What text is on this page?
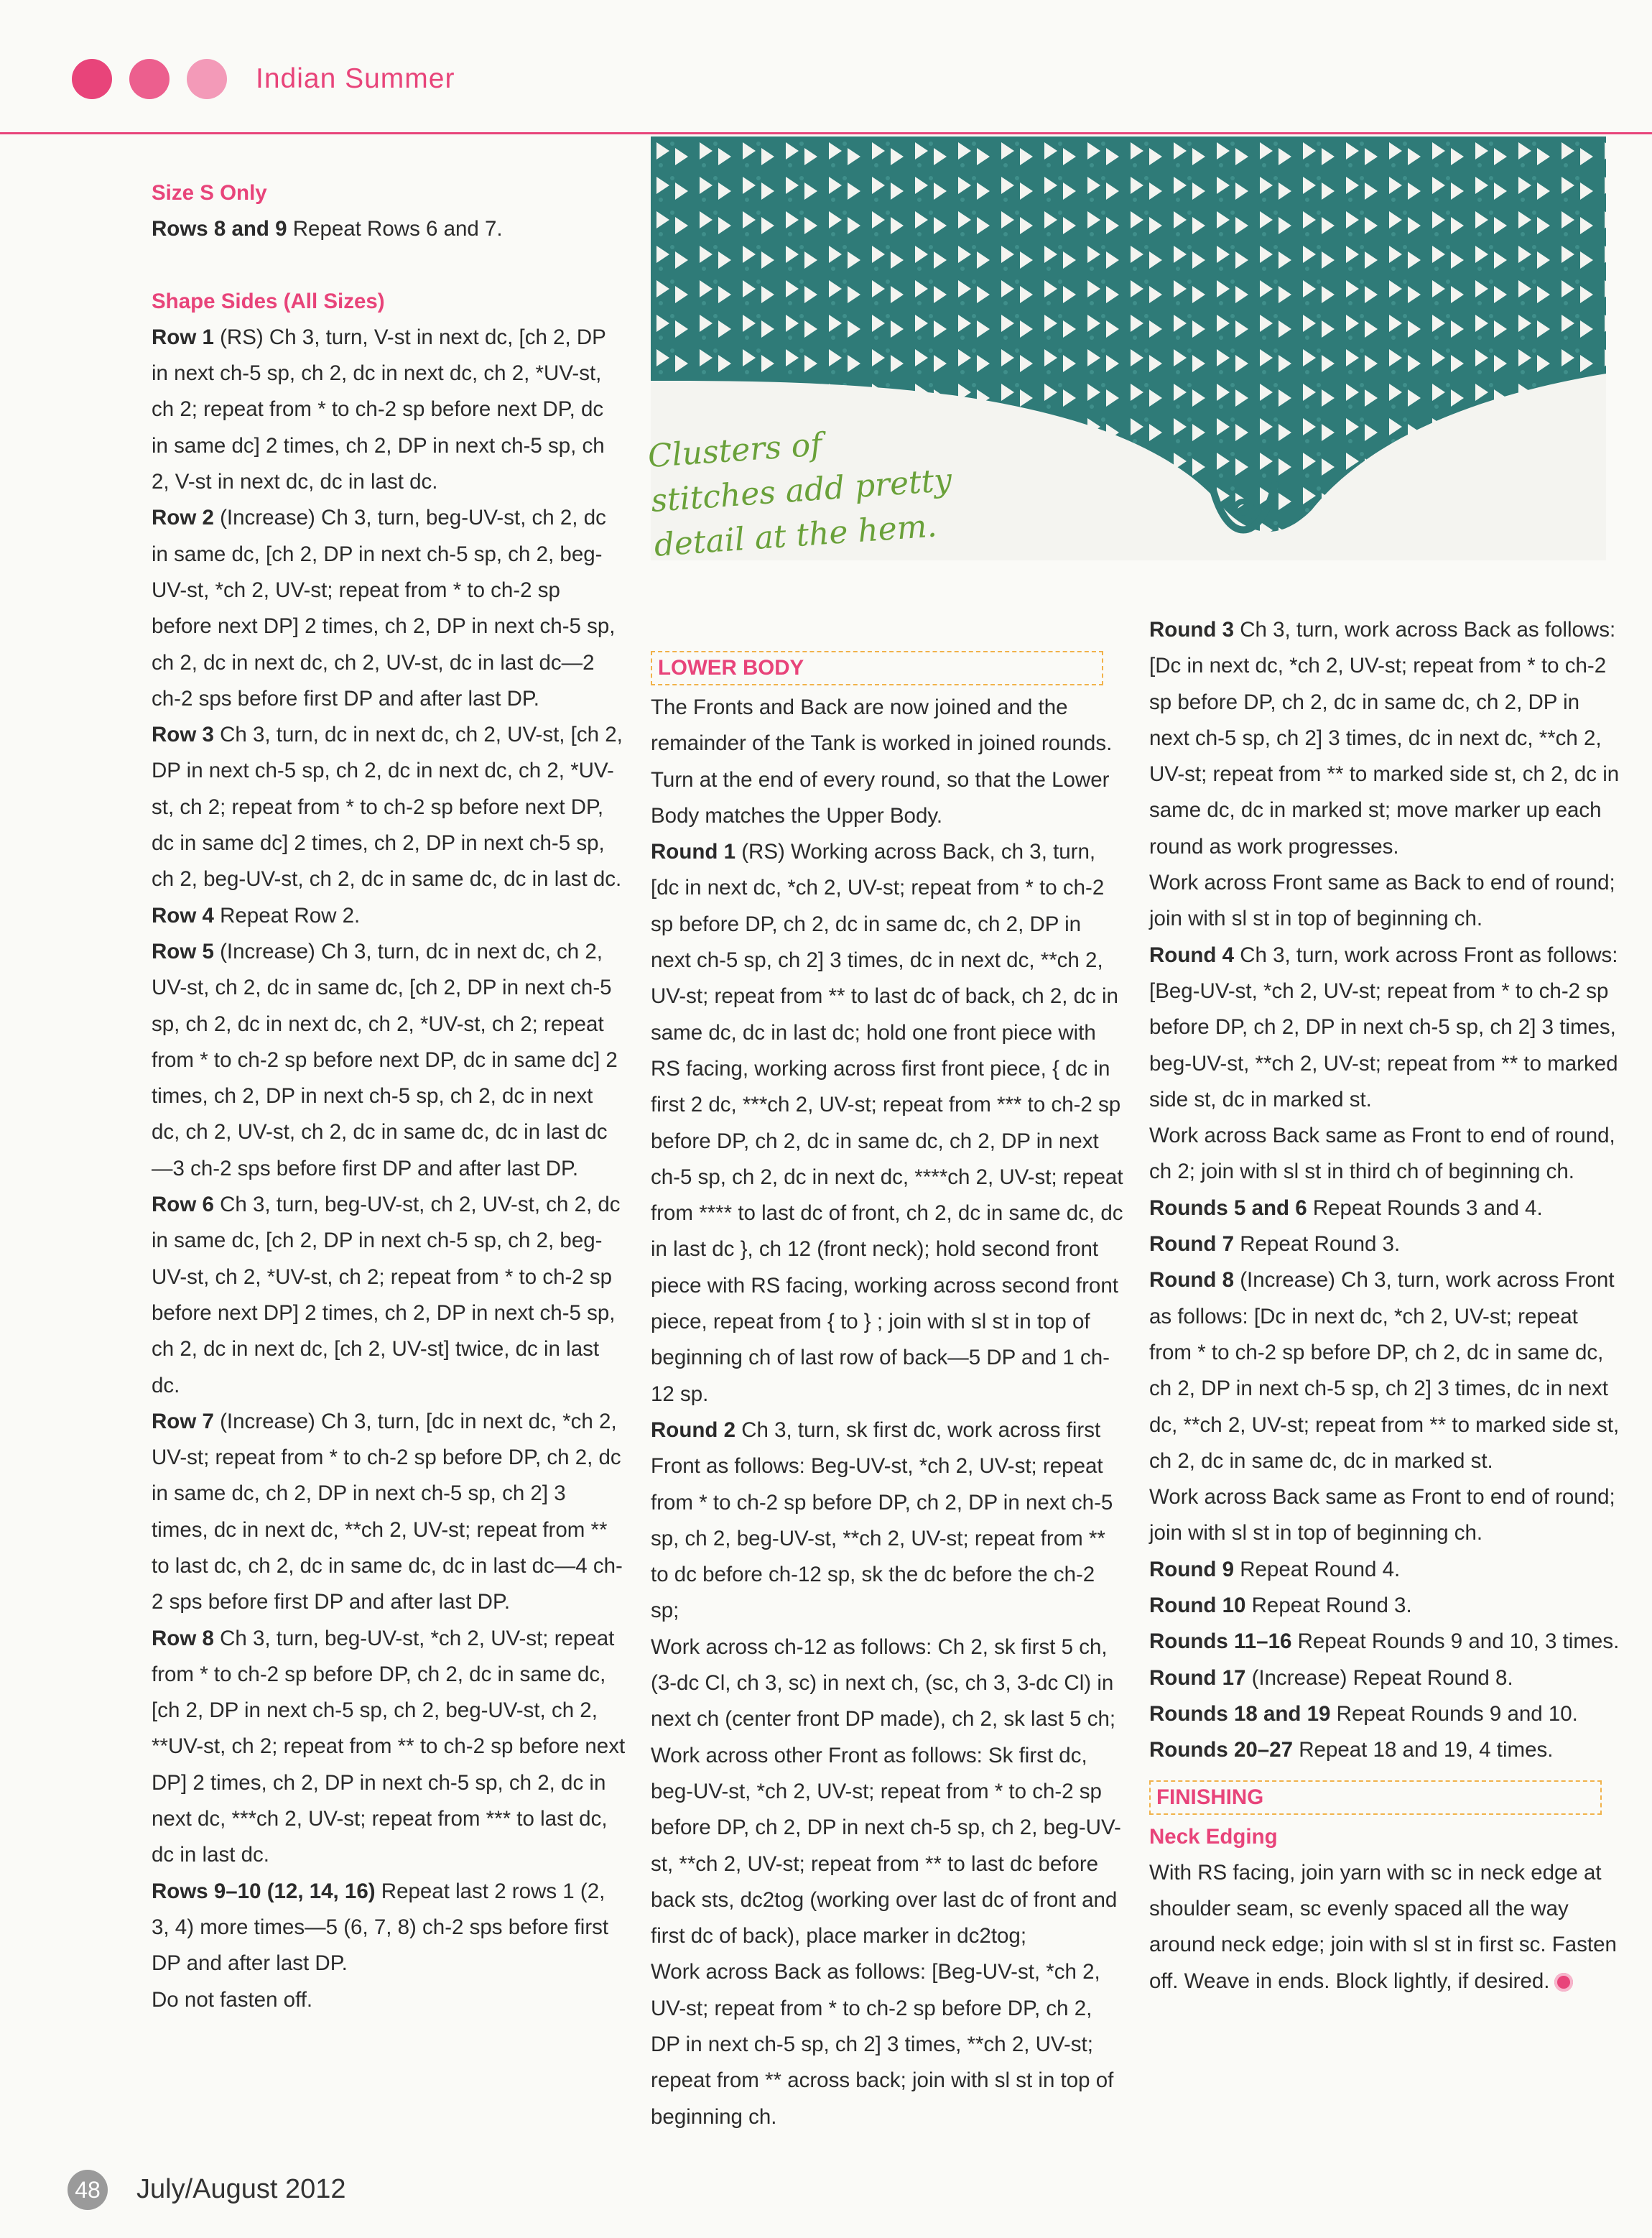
Indian Summer
Clusters of stitches add pretty detail at the hem.

Size S Only

Rows 8 and 9 Repeat Rows 6 and 7.

Shape Sides (All Sizes)

Row 1 (RS) Ch 3, turn, V-st in next dc, [ch 2, DP in next ch-5 sp, ch 2, dc in next dc, ch 2, *UV-st, ch 2; repeat from * to ch-2 sp before next DP, dc in same dc] 2 times, ch 2, DP in next ch-5 sp, ch 2, V-st in next dc, dc in last dc.

Row 2 (Increase) Ch 3, turn, beg-UV-st, ch 2, dc in same dc, [ch 2, DP in next ch-5 sp, ch 2, beg-UV-st, *ch 2, UV-st; repeat from * to ch-2 sp before next DP] 2 times, ch 2, DP in next ch-5 sp, ch 2, dc in next dc, ch 2, UV-st, dc in last dc—2 ch-2 sps before first DP and after last DP.

Row 3 Ch 3, turn, dc in next dc, ch 2, UV-st, [ch 2, DP in next ch-5 sp, ch 2, dc in next dc, ch 2, *UV-st, ch 2; repeat from * to ch-2 sp before next DP, dc in same dc] 2 times, ch 2, DP in next ch-5 sp, ch 2, beg-UV-st, ch 2, dc in same dc, dc in last dc.

Row 4 Repeat Row 2.

Row 5 (Increase) Ch 3, turn, dc in next dc, ch 2, UV-st, ch 2, dc in same dc, [ch 2, DP in next ch-5 sp, ch 2, dc in next dc, ch 2, *UV-st, ch 2; repeat from * to ch-2 sp before next DP, dc in same dc] 2 times, ch 2, DP in next ch-5 sp, ch 2, dc in next dc, ch 2, UV-st, ch 2, dc in same dc, dc in last dc—3 ch-2 sps before first DP and after last DP.

Row 6 Ch 3, turn, beg-UV-st, ch 2, UV-st, ch 2, dc in same dc, [ch 2, DP in next ch-5 sp, ch 2, beg-UV-st, ch 2, *UV-st, ch 2; repeat from * to ch-2 sp before next DP] 2 times, ch 2, DP in next ch-5 sp, ch 2, dc in next dc, [ch 2, UV-st] twice, dc in last dc.

Row 7 (Increase) Ch 3, turn, [dc in next dc, *ch 2, UV-st; repeat from * to ch-2 sp before DP, ch 2, dc in same dc, ch 2, DP in next ch-5 sp, ch 2] 3 times, dc in next dc, **ch 2, UV-st; repeat from ** to last dc, ch 2, dc in same dc, dc in last dc—4 ch-2 sps before first DP and after last DP.

Row 8 Ch 3, turn, beg-UV-st, *ch 2, UV-st; repeat from * to ch-2 sp before DP, ch 2, dc in same dc, [ch 2, DP in next ch-5 sp, ch 2, beg-UV-st, ch 2, **UV-st, ch 2; repeat from ** to ch-2 sp before next DP] 2 times, ch 2, DP in next ch-5 sp, ch 2, dc in next dc, ***ch 2, UV-st; repeat from *** to last dc, dc in last dc.

Rows 9–10 (12, 14, 16) Repeat last 2 rows 1 (2, 3, 4) more times—5 (6, 7, 8) ch-2 sps before first DP and after last DP.

Do not fasten off.

LOWER BODY

The Fronts and Back are now joined and the remainder of the Tank is worked in joined rounds. Turn at the end of every round, so that the Lower Body matches the Upper Body.

Round 1 (RS) Working across Back, ch 3, turn, [dc in next dc, *ch 2, UV-st; repeat from * to ch-2 sp before DP, ch 2, dc in same dc, ch 2, DP in next ch-5 sp, ch 2] 3 times, dc in next dc, **ch 2, UV-st; repeat from ** to last dc of back, ch 2, dc in same dc, dc in last dc; hold one front piece with RS facing, working across first front piece, { dc in first 2 dc, ***ch 2, UV-st; repeat from *** to ch-2 sp before DP, ch 2, dc in same dc, ch 2, DP in next ch-5 sp, ch 2, dc in next dc, ****ch 2, UV-st; repeat from **** to last dc of front, ch 2, dc in same dc, dc in last dc }, ch 12 (front neck); hold second front piece with RS facing, working across second front piece, repeat from { to } ; join with sl st in top of beginning ch of last row of back—5 DP and 1 ch-12 sp.

Round 2 Ch 3, turn, sk first dc, work across first Front as follows: Beg-UV-st, *ch 2, UV-st; repeat from * to ch-2 sp before DP, ch 2, DP in next ch-5 sp, ch 2, beg-UV-st, **ch 2, UV-st; repeat from ** to dc before ch-12 sp, sk the dc before the ch-2 sp;

Work across ch-12 as follows: Ch 2, sk first 5 ch, (3-dc Cl, ch 3, sc) in next ch, (sc, ch 3, 3-dc Cl) in next ch (center front DP made), ch 2, sk last 5 ch;

Work across other Front as follows: Sk first dc, beg-UV-st, *ch 2, UV-st; repeat from * to ch-2 sp before DP, ch 2, DP in next ch-5 sp, ch 2, beg-UV-st, **ch 2, UV-st; repeat from ** to last dc before back sts, dc2tog (working over last dc of front and first dc of back), place marker in dc2tog;

Work across Back as follows: [Beg-UV-st, *ch 2, UV-st; repeat from * to ch-2 sp before DP, ch 2, DP in next ch-5 sp, ch 2] 3 times, **ch 2, UV-st; repeat from ** across back; join with sl st in top of beginning ch.

Round 3 Ch 3, turn, work across Back as follows: [Dc in next dc, *ch 2, UV-st; repeat from * to ch-2 sp before DP, ch 2, dc in same dc, ch 2, DP in next ch-5 sp, ch 2] 3 times, dc in next dc, **ch 2, UV-st; repeat from ** to marked side st, ch 2, dc in same dc, dc in marked st; move marker up each round as work progresses.

Work across Front same as Back to end of round; join with sl st in top of beginning ch.

Round 4 Ch 3, turn, work across Front as follows: [Beg-UV-st, *ch 2, UV-st; repeat from * to ch-2 sp before DP, ch 2, DP in next ch-5 sp, ch 2] 3 times, beg-UV-st, **ch 2, UV-st; repeat from ** to marked side st, dc in marked st.

Work across Back same as Front to end of round, ch 2; join with sl st in third ch of beginning ch.

Rounds 5 and 6 Repeat Rounds 3 and 4.

Round 7 Repeat Round 3.

Round 8 (Increase) Ch 3, turn, work across Front as follows: [Dc in next dc, *ch 2, UV-st; repeat from * to ch-2 sp before DP, ch 2, dc in same dc, ch 2, DP in next ch-5 sp, ch 2] 3 times, dc in next dc, **ch 2, UV-st; repeat from ** to marked side st, ch 2, dc in same dc, dc in marked st.

Work across Back same as Front to end of round; join with sl st in top of beginning ch.

Round 9 Repeat Round 4.

Round 10 Repeat Round 3.

Rounds 11–16 Repeat Rounds 9 and 10, 3 times.

Round 17 (Increase) Repeat Round 8.

Rounds 18 and 19 Repeat Rounds 9 and 10.

Rounds 20–27 Repeat 18 and 19, 4 times.

FINISHING

Neck Edging

With RS facing, join yarn with sc in neck edge at shoulder seam, sc evenly spaced all the way around neck edge; join with sl st in first sc. Fasten off. Weave in ends. Block lightly, if desired.

48 July/August 2012
